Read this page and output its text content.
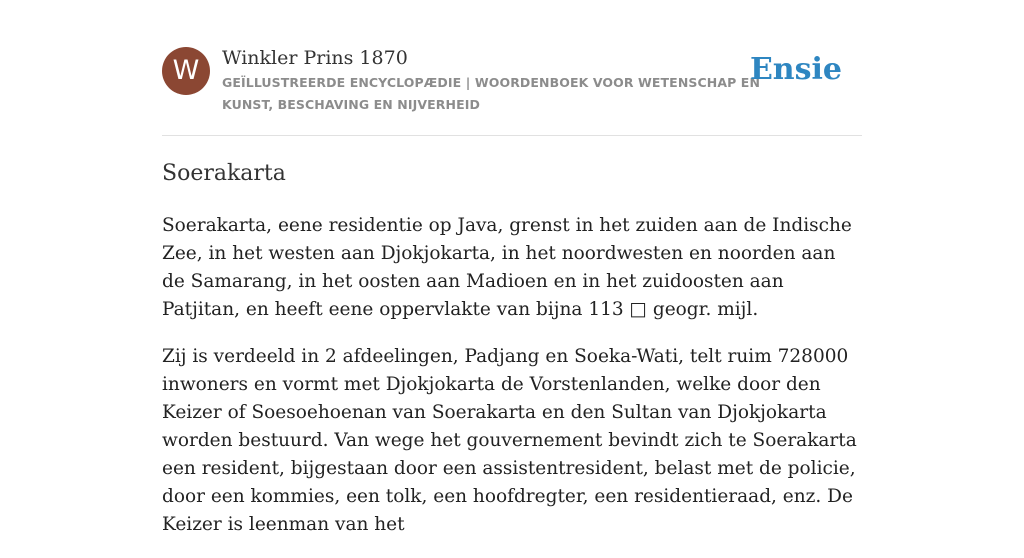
W	Winkler Prins 1870
GEÏLLUSTREERDE ENCYCLOPÆDIE | WOORDENBOEK VOOR WETENSCHAP EN KUNST, BESCHAVING EN NIJVERHEID
Ensie
Soerakarta

Soerakarta, eene residentie op Java, grenst in het zuiden aan de Indische Zee, in het westen aan Djokjokarta, in het noordwesten en noorden aan de Samarang, in het oosten aan Madioen en in het zuidoosten aan Patjitan, en heeft eene oppervlakte van bijna 113 □ geogr. mijl.

Zij is verdeeld in 2 afdeelingen, Padjang en Soeka-Wati, telt ruim 728000 inwoners en vormt met Djokjokarta de Vorstenlanden, welke door den Keizer of Soesoehoenan van Soerakarta en den Sultan van Djokjokarta worden bestuurd. Van wege het gouvernement bevindt zich te Soerakarta een resident, bijgestaan door een assistentresident, belast met de policie, door een kommies, een tolk, een hoofdregter, een residentieraad, enz. De Keizer is leenman van het
